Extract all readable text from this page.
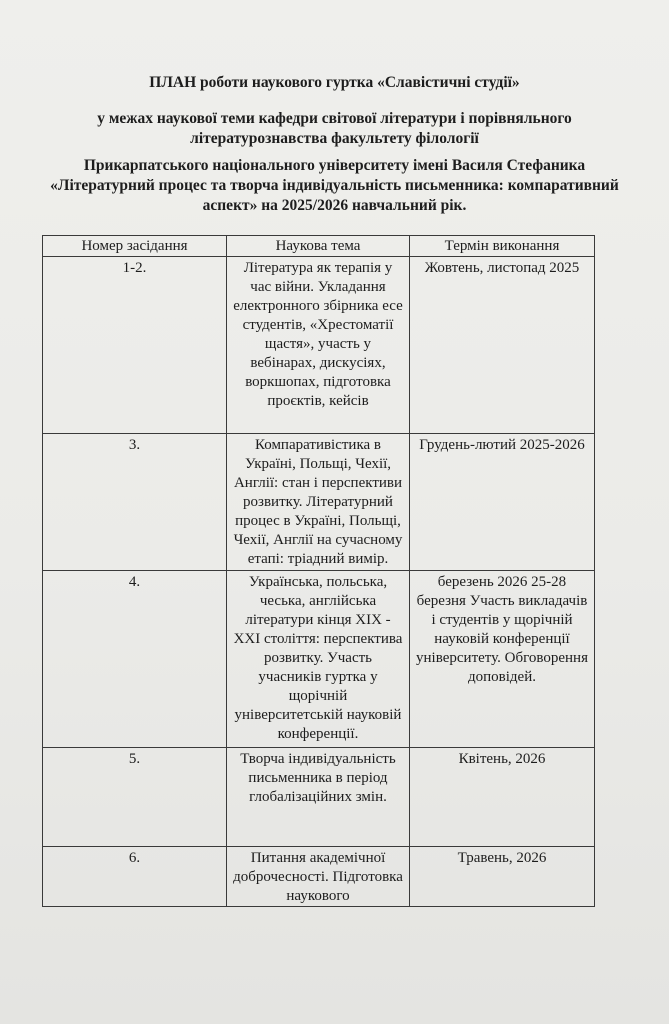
ПЛАН роботи наукового гуртка «Славістичні студії»
у межах наукової теми кафедри світової літератури і порівняльного літературознавства факультету філології
Прикарпатського національного університету імені Василя Стефаника «Літературний процес та творча індивідуальність письменника: компаративний аспект» на 2025/2026 навчальний рік.
Номер засідання	Наукова тема	Термін виконання
1-2.	Література як терапія у час війни. Укладання електронного збірника есе студентів, «Хрестоматії щастя», участь у вебінарах, дискусіях, воркшопах, підготовка проєктів, кейсів	Жовтень, листопад 2025
3.	Компаративістика в Україні, Польщі, Чехії, Англії: стан і перспективи розвитку. Літературний процес в Україні, Польщі, Чехії, Англії на сучасному етапі: тріадний вимір.	Грудень-лютий 2025-2026
4.	Українська, польська, чеська, англійська літератури кінця XIX - XXI століття: перспектива розвитку. Участь учасників гуртка у щорічній університетській науковій конференції.	березень 2026 25-28 березня Участь викладачів і студентів у щорічній науковій конференції університету. Обговорення доповідей.
5.	Творча індивідуальність письменника в період глобалізаційних змін.	Квітень, 2026
6.	Питання академічної доброчесності. Підготовка наукового	Травень, 2026
